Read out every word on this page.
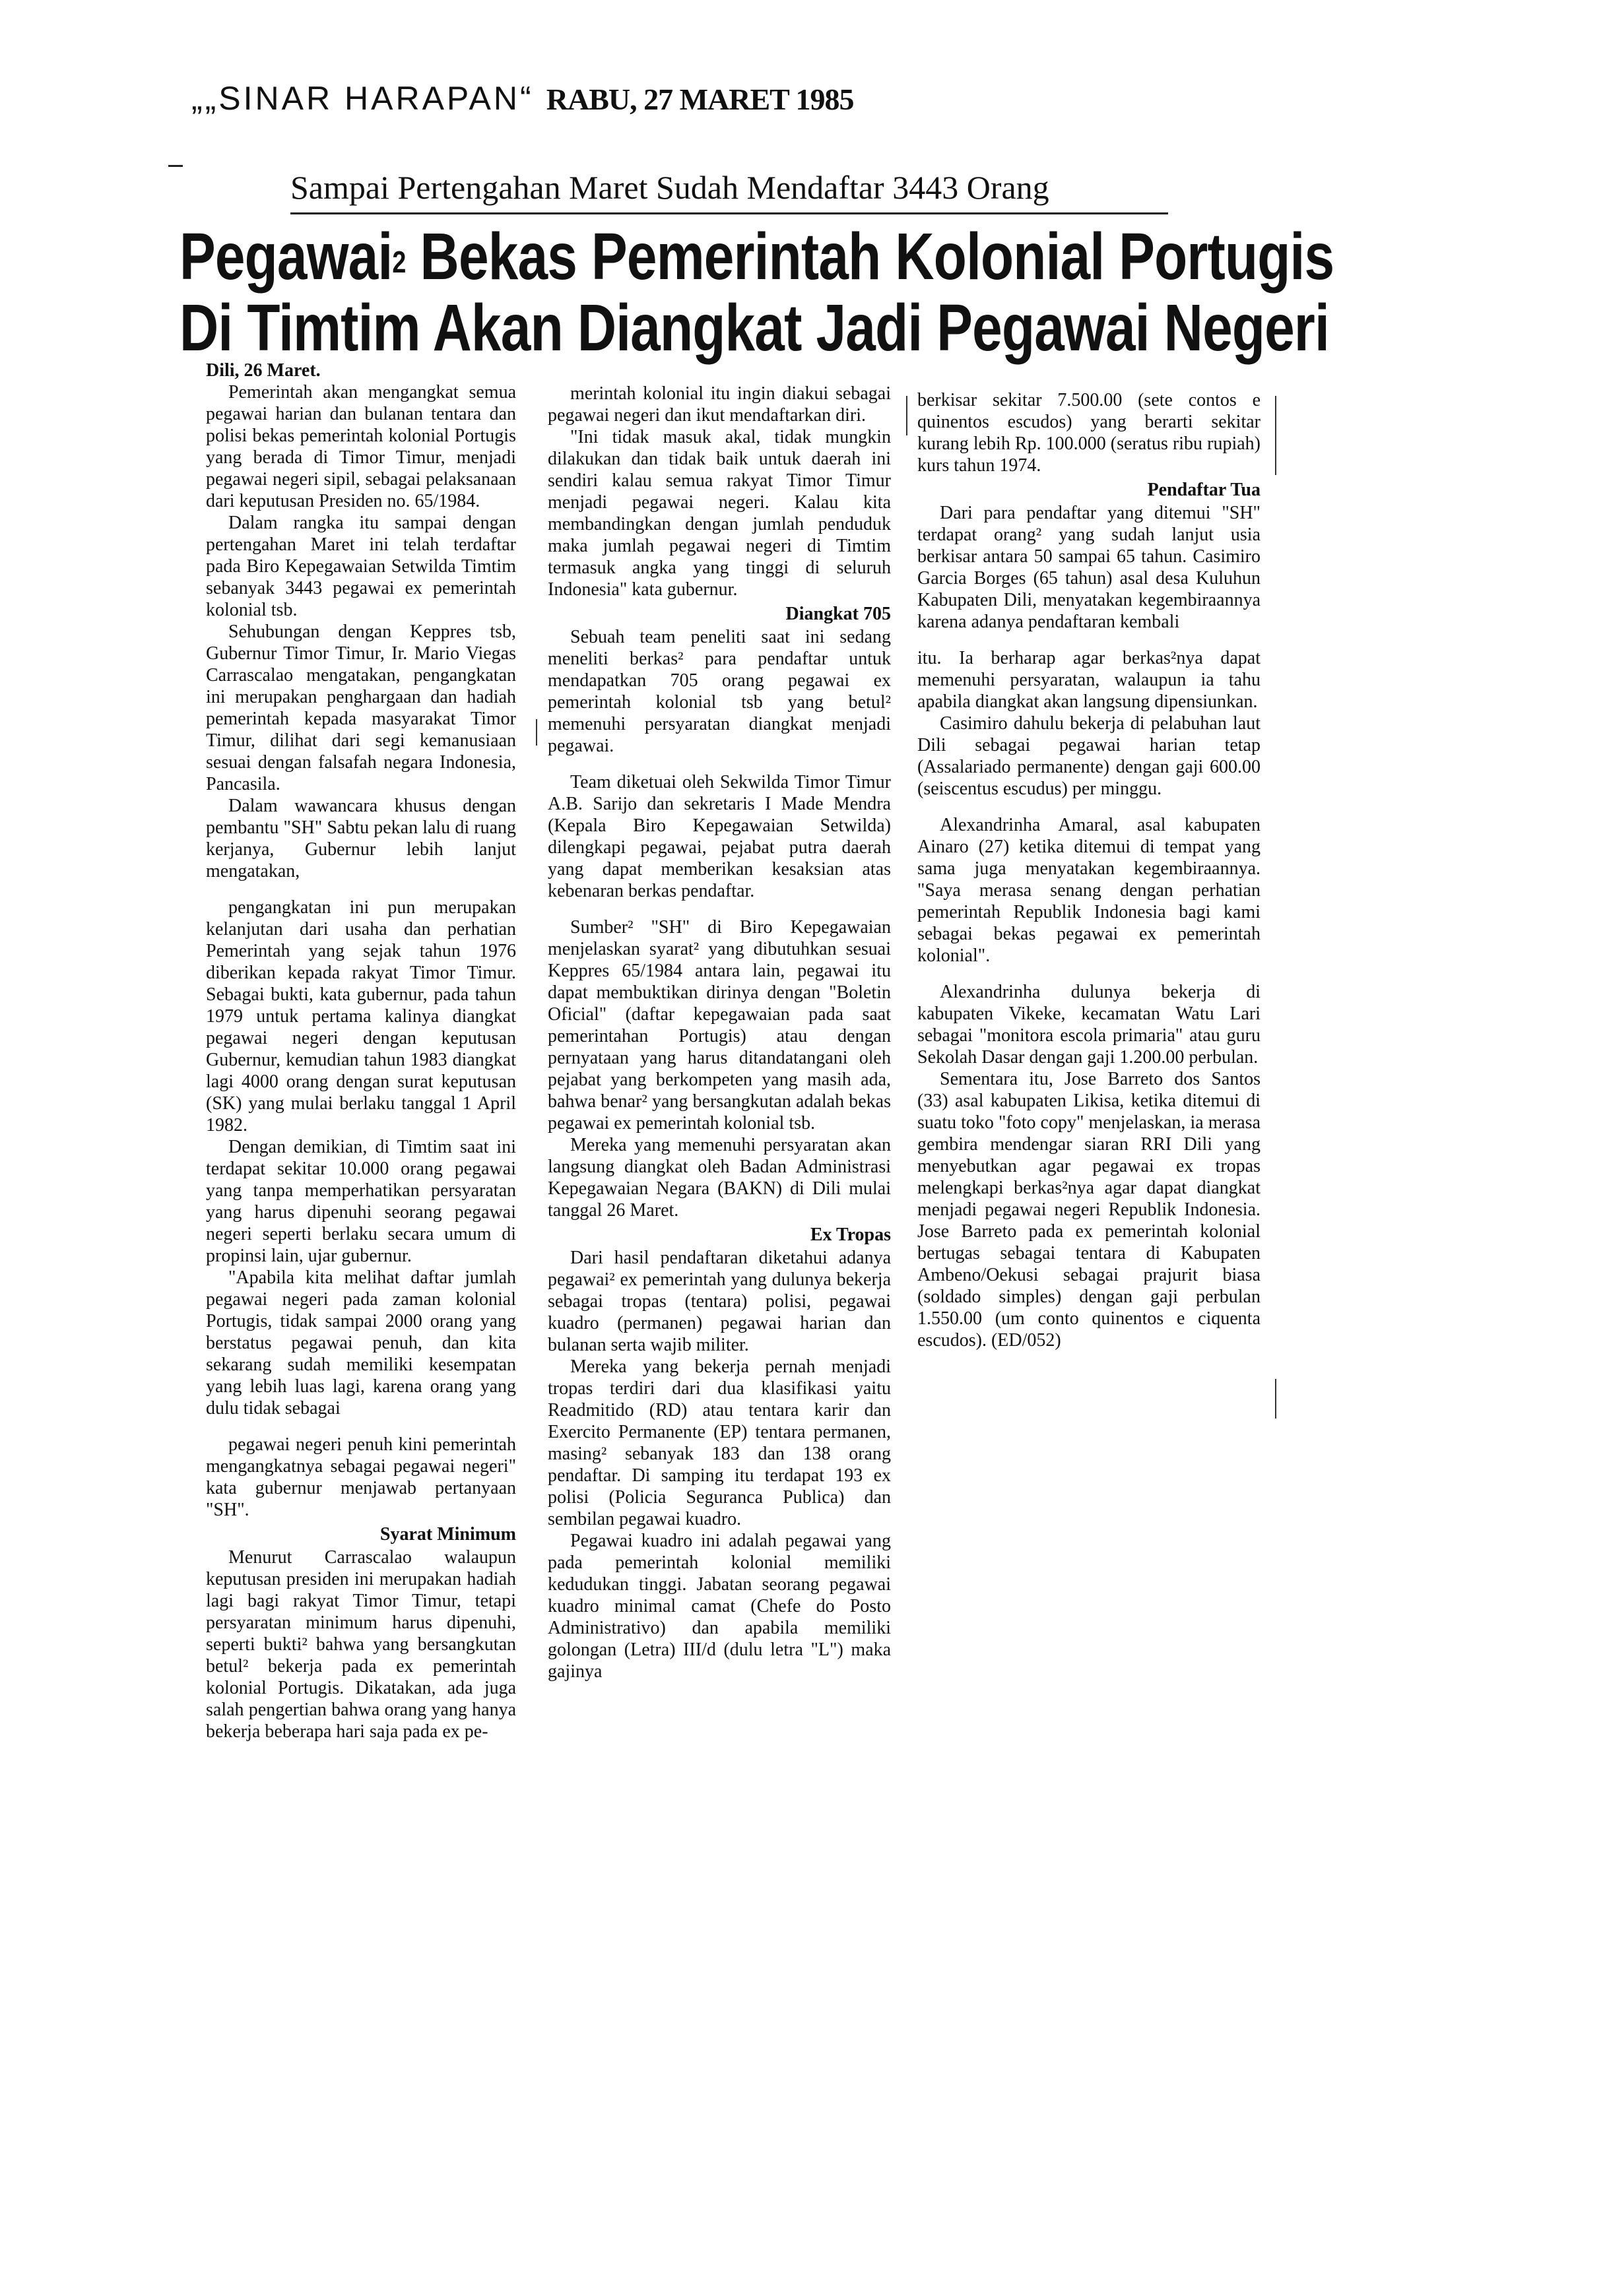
„„SINAR HARAPAN“ RABU, 27 MARET 1985
Sampai Pertengahan Maret Sudah Mendaftar 3443 Orang
Pegawai$^2$ Bekas Pemerintah Kolonial Portugis
Di Timtim Akan Diangkat Jadi Pegawai Negeri

Dili, 26 Maret.

Pemerintah akan mengangkat semua pegawai harian dan bulanan tentara dan polisi bekas pemerintah kolonial Portugis yang berada di Timor Timur, menjadi pegawai negeri sipil, sebagai pelaksanaan dari keputusan Presiden no. 65/1984.

Dalam rangka itu sampai dengan pertengahan Maret ini telah terdaftar pada Biro Kepegawaian Setwilda Timtim sebanyak 3443 pegawai ex pemerintah kolonial tsb.

Sehubungan dengan Keppres tsb, Gubernur Timor Timur, Ir. Mario Viegas Carrascalao mengatakan, pengangkatan ini merupakan penghargaan dan hadiah pemerintah kepada masyarakat Timor Timur, dilihat dari segi kemanusiaan sesuai dengan falsafah negara Indonesia, Pancasila.

Dalam wawancara khusus dengan pembantu "SH" Sabtu pekan lalu di ruang kerjanya, Gubernur lebih lanjut mengatakan,

pengangkatan ini pun merupakan kelanjutan dari usaha dan perhatian Pemerintah yang sejak tahun 1976 diberikan kepada rakyat Timor Timur. Sebagai bukti, kata gubernur, pada tahun 1979 untuk pertama kalinya diangkat pegawai negeri dengan keputusan Gubernur, kemudian tahun 1983 diangkat lagi 4000 orang dengan surat keputusan (SK) yang mulai berlaku tanggal 1 April 1982.

Dengan demikian, di Timtim saat ini terdapat sekitar 10.000 orang pegawai yang tanpa memperhatikan persyaratan yang harus dipenuhi seorang pegawai negeri seperti berlaku secara umum di propinsi lain, ujar gubernur.

"Apabila kita melihat daftar jumlah pegawai negeri pada zaman kolonial Portugis, tidak sampai 2000 orang yang berstatus pegawai penuh, dan kita sekarang sudah memiliki kesempatan yang lebih luas lagi, karena orang yang dulu tidak sebagai

pegawai negeri penuh kini pemerintah mengangkatnya sebagai pegawai negeri" kata gubernur menjawab pertanyaan "SH".

Syarat Minimum

Menurut Carrascalao walaupun keputusan presiden ini merupakan hadiah lagi bagi rakyat Timor Timur, tetapi persyaratan minimum harus dipenuhi, seperti bukti² bahwa yang bersangkutan betul² bekerja pada ex pemerintah kolonial Portugis. Dikatakan, ada juga salah pengertian bahwa orang yang hanya bekerja beberapa hari saja pada ex pe-

merintah kolonial itu ingin diakui sebagai pegawai negeri dan ikut mendaftarkan diri.

"Ini tidak masuk akal, tidak mungkin dilakukan dan tidak baik untuk daerah ini sendiri kalau semua rakyat Timor Timur menjadi pegawai negeri. Kalau kita membandingkan dengan jumlah penduduk maka jumlah pegawai negeri di Timtim termasuk angka yang tinggi di seluruh Indonesia" kata gubernur.

Diangkat 705

Sebuah team peneliti saat ini sedang meneliti berkas² para pendaftar untuk mendapatkan 705 orang pegawai ex pemerintah kolonial tsb yang betul² memenuhi persyaratan diangkat menjadi pegawai.

Team diketuai oleh Sekwilda Timor Timur A.B. Sarijo dan sekretaris I Made Mendra (Kepala Biro Kepegawaian Setwilda) dilengkapi pegawai, pejabat putra daerah yang dapat memberikan kesaksian atas kebenaran berkas pendaftar.

Sumber² "SH" di Biro Kepegawaian menjelaskan syarat² yang dibutuhkan sesuai Keppres 65/1984 antara lain, pegawai itu dapat membuktikan dirinya dengan "Boletin Oficial" (daftar kepegawaian pada saat pemerintahan Portugis) atau dengan pernyataan yang harus ditandatangani oleh pejabat yang berkompeten yang masih ada, bahwa benar² yang bersangkutan adalah bekas pegawai ex pemerintah kolonial tsb.

Mereka yang memenuhi persyaratan akan langsung diangkat oleh Badan Administrasi Kepegawaian Negara (BAKN) di Dili mulai tanggal 26 Maret.

Ex Tropas

Dari hasil pendaftaran diketahui adanya pegawai² ex pemerintah yang dulunya bekerja sebagai tropas (tentara) polisi, pegawai kuadro (permanen) pegawai harian dan bulanan serta wajib militer.

Mereka yang bekerja pernah menjadi tropas terdiri dari dua klasifikasi yaitu Readmitido (RD) atau tentara karir dan Exercito Permanente (EP) tentara permanen, masing² sebanyak 183 dan 138 orang pendaftar. Di samping itu terdapat 193 ex polisi (Policia Seguranca Publica) dan sembilan pegawai kuadro.

Pegawai kuadro ini adalah pegawai yang pada pemerintah kolonial memiliki kedudukan tinggi. Jabatan seorang pegawai kuadro minimal camat (Chefe do Posto Administrativo) dan apabila memiliki golongan (Letra) III/d (dulu letra "L") maka gajinya

berkisar sekitar 7.500.00 (sete contos e quinentos escudos) yang berarti sekitar kurang lebih Rp. 100.000 (seratus ribu rupiah) kurs tahun 1974.

Pendaftar Tua

Dari para pendaftar yang ditemui "SH" terdapat orang² yang sudah lanjut usia berkisar antara 50 sampai 65 tahun. Casimiro Garcia Borges (65 tahun) asal desa Kuluhun Kabupaten Dili, menyatakan kegembiraannya karena adanya pendaftaran kembali

itu. Ia berharap agar berkas²nya dapat memenuhi persyaratan, walaupun ia tahu apabila diangkat akan langsung dipensiunkan.

Casimiro dahulu bekerja di pelabuhan laut Dili sebagai pegawai harian tetap (Assalariado permanente) dengan gaji 600.00 (seiscentus escudus) per minggu.

Alexandrinha Amaral, asal kabupaten Ainaro (27) ketika ditemui di tempat yang sama juga menyatakan kegembiraannya. "Saya merasa senang dengan perhatian pemerintah Republik Indonesia bagi kami sebagai bekas pegawai ex pemerintah kolonial".

Alexandrinha dulunya bekerja di kabupaten Vikeke, kecamatan Watu Lari sebagai "monitora escola primaria" atau guru Sekolah Dasar dengan gaji 1.200.00 perbulan.

Sementara itu, Jose Barreto dos Santos (33) asal kabupaten Likisa, ketika ditemui di suatu toko "foto copy" menjelaskan, ia merasa gembira mendengar siaran RRI Dili yang menyebutkan agar pegawai ex tropas melengkapi berkas²nya agar dapat diangkat menjadi pegawai negeri Republik Indonesia. Jose Barreto pada ex pemerintah kolonial bertugas sebagai tentara di Kabupaten Ambeno/Oekusi sebagai prajurit biasa (soldado simples) dengan gaji perbulan 1.550.00 (um conto quinentos e ciquenta escudos). (ED/052)
